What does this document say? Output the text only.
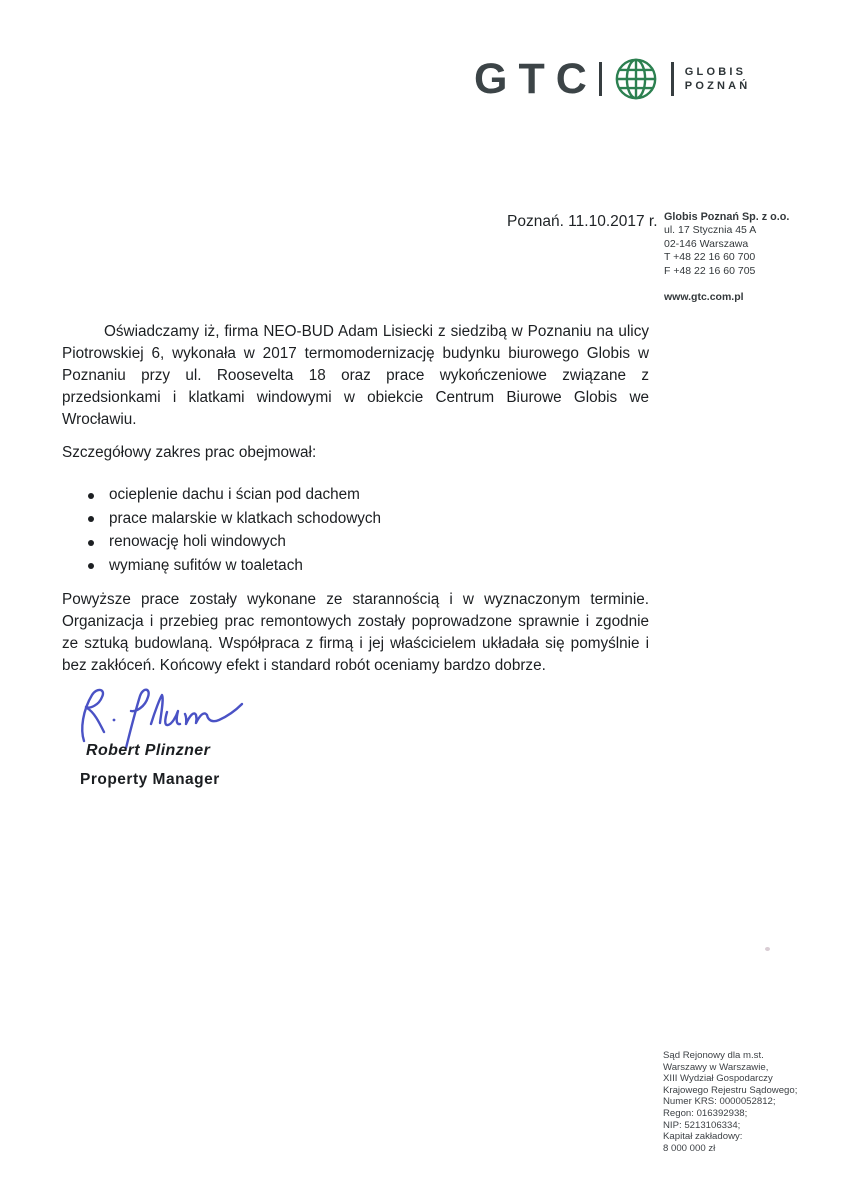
GTC	GLOBIS
POZNAŃ
Poznań. 11.10.2017 r. Globis Poznań Sp. z o.o.
ul. 17 Stycznia 45 A
02-146 Warszawa
T +48 22 16 60 700
F +48 22 16 60 705
www.gtc.com.pl

Oświadczamy iż, firma NEO-BUD Adam Lisiecki z siedzibą w Poznaniu na ulicy Piotrowskiej 6, wykonała w 2017 termomodernizację budynku biurowego Globis w Poznaniu przy ul. Roosevelta 18 oraz prace wykończeniowe związane z przedsionkami i klatkami windowymi w obiekcie Centrum Biurowe Globis we Wrocławiu.

Szczegółowy zakres prac obejmował:

ocieplenie dachu i ścian pod dachem
prace malarskie w klatkach schodowych
renowację holi windowych
wymianę sufitów w toaletach

Powyższe prace zostały wykonane ze starannością i w wyznaczonym terminie. Organizacja i przebieg prac remontowych zostały poprowadzone sprawnie i zgodnie ze sztuką budowlaną. Współpraca z firmą i jej właścicielem układała się pomyślnie i bez zakłóceń. Końcowy efekt i standard robót oceniamy bardzo dobrze.

Robert Plinzner
Property Manager
Sąd Rejonowy dla m.st.
Warszawy w Warszawie,
XIII Wydział Gospodarczy
Krajowego Rejestru Sądowego;
Numer KRS: 0000052812;
Regon: 016392938;
NIP: 5213106334;
Kapitał zakładowy:
8 000 000 zł
